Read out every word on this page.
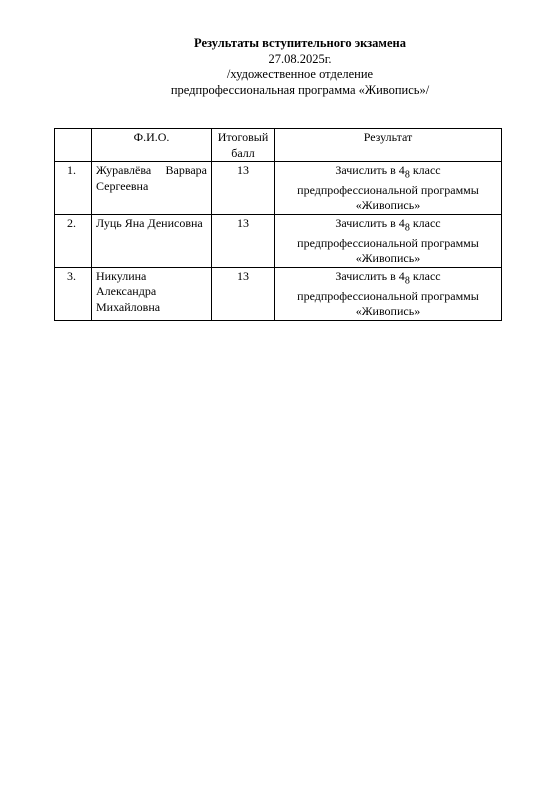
Результаты вступительного экзамена
27.08.2025г.
/художественное отделение
предпрофессиональная программа «Живопись»/
	Ф.И.О.	Итоговый балл	Результат
1.	Журавлёва Варвара Сергеевна	13	Зачислить в $4_8$ класс предпрофессиональной программы «Живопись»
2.	Луць Яна Денисовна	13	Зачислить в $4_8$ класс предпрофессиональной программы «Живопись»
3.	Никулина Александра Михайловна	13	Зачислить в $4_8$ класс предпрофессиональной программы «Живопись»
